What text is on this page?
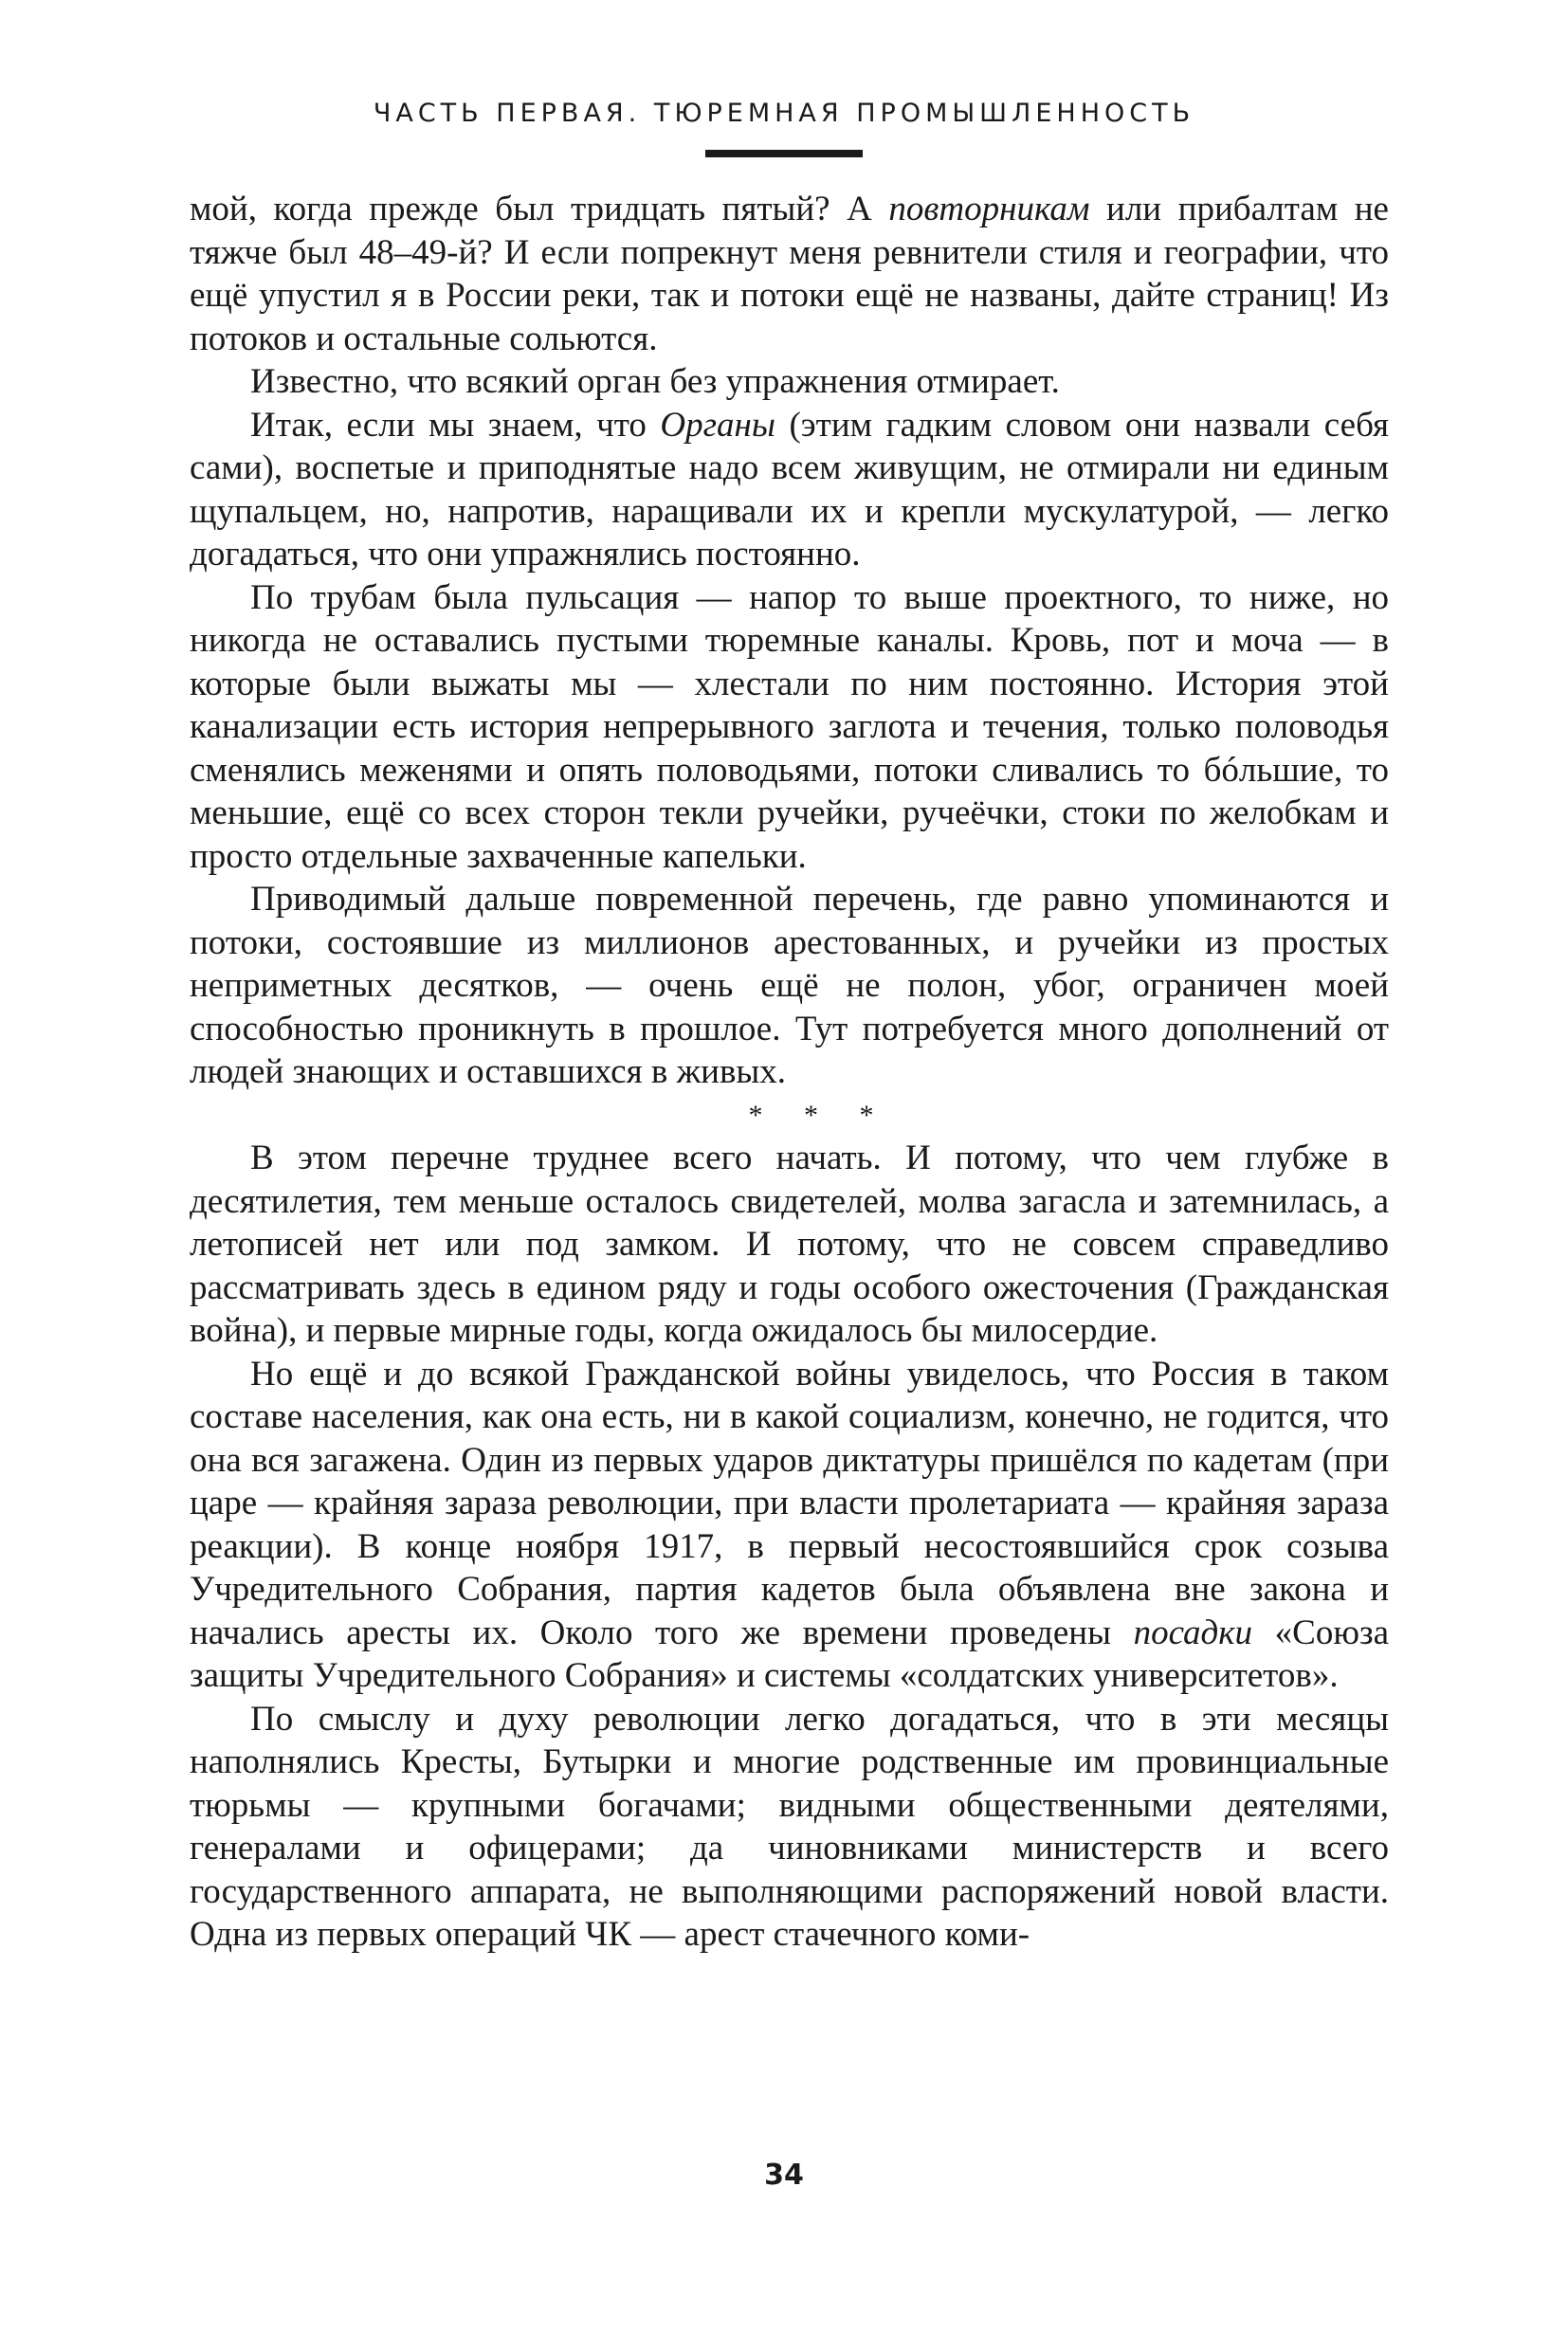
ЧАСТЬ ПЕРВАЯ. ТЮРЕМНАЯ ПРОМЫШЛЕННОСТЬ

мой, когда прежде был тридцать пятый? А повторникам или прибалтам не тяжче был 48–49-й? И если попрекнут меня ревнители стиля и географии, что ещё упустил я в России реки, так и потоки ещё не названы, дайте страниц! Из потоков и остальные сольются.

Известно, что всякий орган без упражнения отмирает.

Итак, если мы знаем, что Органы (этим гадким словом они назвали себя сами), воспетые и приподнятые надо всем живущим, не отмирали ни единым щупальцем, но, напротив, наращивали их и крепли мускулатурой, — легко догадаться, что они упражнялись постоянно.

По трубам была пульсация — напор то выше проектного, то ниже, но никогда не оставались пустыми тюремные каналы. Кровь, пот и моча — в которые были выжаты мы — хлестали по ним постоянно. История этой канализации есть история непрерывного заглота и течения, только половодья сменялись меженями и опять половодьями, потоки сливались то бóльшие, то меньшие, ещё со всех сторон текли ручейки, ручеёчки, стоки по желобкам и просто отдельные захваченные капельки.

Приводимый дальше повременной перечень, где равно упоминаются и потоки, состоявшие из миллионов арестованных, и ручейки из простых неприметных десятков, — очень ещё не полон, убог, ограничен моей способностью проникнуть в прошлое. Тут потребуется много дополнений от людей знающих и оставшихся в живых.

* * *

В этом перечне труднее всего начать. И потому, что чем глубже в десятилетия, тем меньше осталось свидетелей, молва загасла и затемнилась, а летописей нет или под замком. И потому, что не совсем справедливо рассматривать здесь в едином ряду и годы особого ожесточения (Гражданская война), и первые мирные годы, когда ожидалось бы милосердие.

Но ещё и до всякой Гражданской войны увиделось, что Россия в таком составе населения, как она есть, ни в какой социализм, конечно, не годится, что она вся загажена. Один из первых ударов диктатуры пришёлся по кадетам (при царе — крайняя зараза революции, при власти пролетариата — крайняя зараза реакции). В конце ноября 1917, в первый несостоявшийся срок созыва Учредительного Собрания, партия кадетов была объявлена вне закона и начались аресты их. Около того же времени проведены посадки «Союза защиты Учредительного Собрания» и системы «солдатских университетов».

По смыслу и духу революции легко догадаться, что в эти месяцы наполнялись Кресты, Бутырки и многие родственные им провинциальные тюрьмы — крупными богачами; видными общественными деятелями, генералами и офицерами; да чиновниками министерств и всего государственного аппарата, не выполняющими распоряжений новой власти. Одна из первых операций ЧК — арест стачечного коми-

34
